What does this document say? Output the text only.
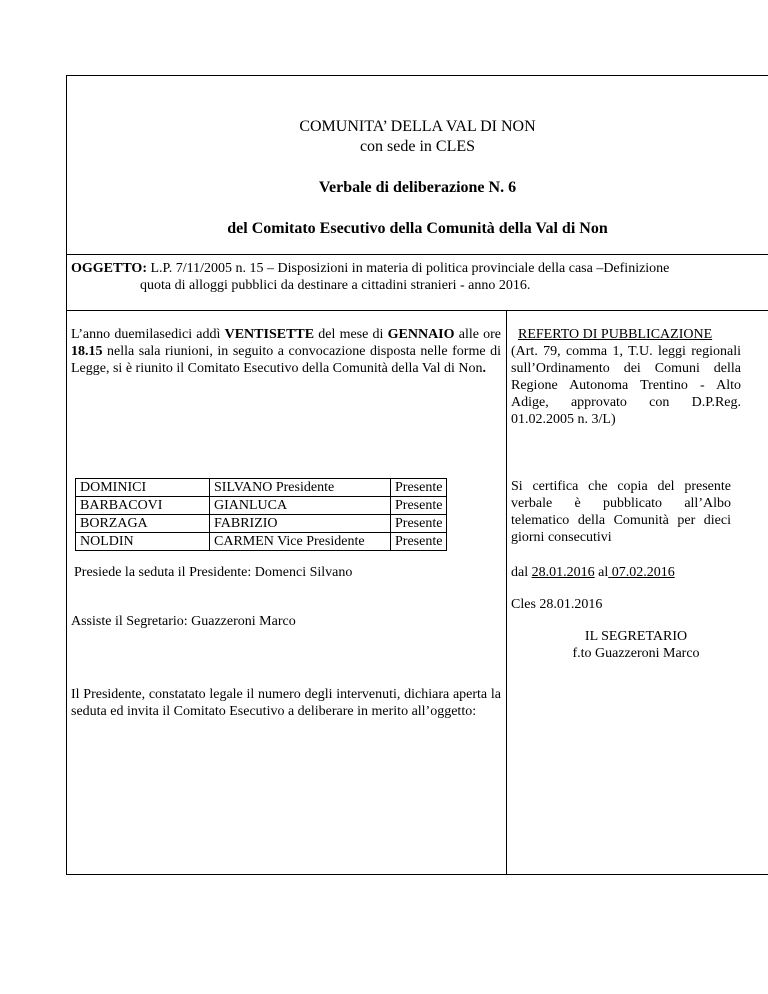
COMUNITA’ DELLA VAL DI NON
con sede in CLES
Verbale di deliberazione N. 6
del Comitato Esecutivo della Comunità della Val di Non
OGGETTO: L.P. 7/11/2005 n. 15 – Disposizioni in materia di politica provinciale della casa –Definizione
quota di alloggi pubblici da destinare a cittadini stranieri - anno 2016.
L’anno duemilasedici addì VENTISETTE del mese di GENNAIO alle ore 18.15 nella sala riunioni, in seguito a convocazione disposta nelle forme di Legge, si è riunito il Comitato Esecutivo della Comunità della Val di Non.
DOMINICI	SILVANO Presidente	Presente
BARBACOVI	GIANLUCA	Presente
BORZAGA	FABRIZIO	Presente
NOLDIN	CARMEN Vice Presidente	Presente
Presiede la seduta il Presidente: Domenci Silvano
Assiste il Segretario: Guazzeroni Marco
Il Presidente, constatato legale il numero degli intervenuti, dichiara aperta la seduta ed invita il Comitato Esecutivo a deliberare in merito all’oggetto:
REFERTO DI PUBBLICAZIONE
(Art. 79, comma 1, T.U. leggi regionali sull’Ordinamento dei Comuni della Regione Autonoma Trentino - Alto Adige, approvato con D.P.Reg. 01.02.2005 n. 3/L)
Si certifica che copia del presente verbale è pubblicato all’Albo telematico della Comunità per dieci giorni consecutivi
dal 28.01.2016 al 07.02.2016
Cles 28.01.2016
IL SEGRETARIO
f.to Guazzeroni Marco
